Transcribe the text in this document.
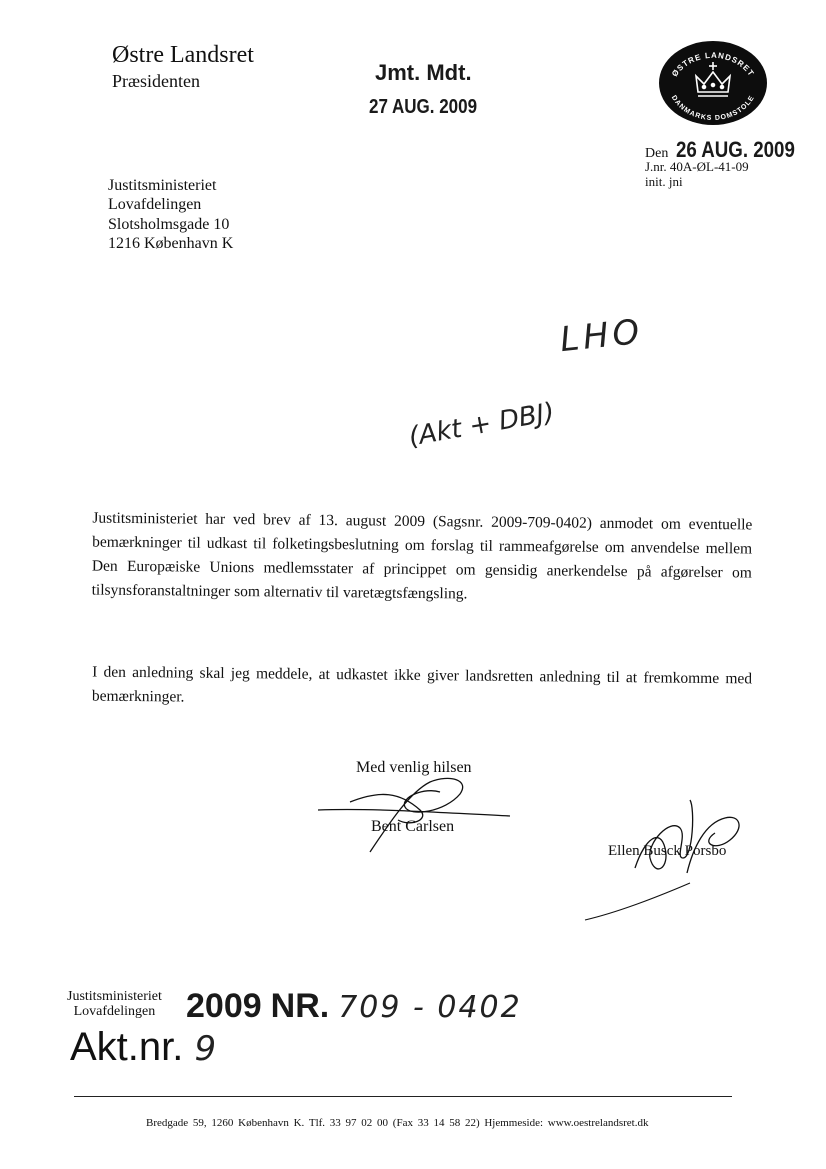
Østre Landsret
Præsidenten	Jmt. Mdt.
27 AUG. 2009
ØSTRE LANDSRET
DANMARKS DOMSTOLE
Den 26 AUG. 2009
J.nr. 40A-ØL-41-09
init. jni
Justitsministeriet
Lovafdelingen
Slotsholmsgade 10
1216 København K
LHO
(Akt + DBJ)

Justitsministeriet har ved brev af 13. august 2009 (Sagsnr. 2009-709-0402) anmodet om eventuelle bemærkninger til udkast til folketingsbeslutning om forslag til rammeafgørelse om anvendelse mellem Den Europæiske Unions medlemsstater af princippet om gensidig anerkendelse på afgørelser om tilsynsforanstaltninger som alternativ til varetægtsfængsling.

I den anledning skal jeg meddele, at udkastet ikke giver landsretten anledning til at fremkomme med bemærkninger.

Med venlig hilsen
Bent Carlsen
Ellen Busck Porsbo
Justitsministeriet
Lovafdelingen 2009 NR. 709 - 0402
Akt.nr. 9
Bredgade 59, 1260 København K. Tlf. 33 97 02 00 (Fax 33 14 58 22) Hjemmeside: www.oestrelandsret.dk
